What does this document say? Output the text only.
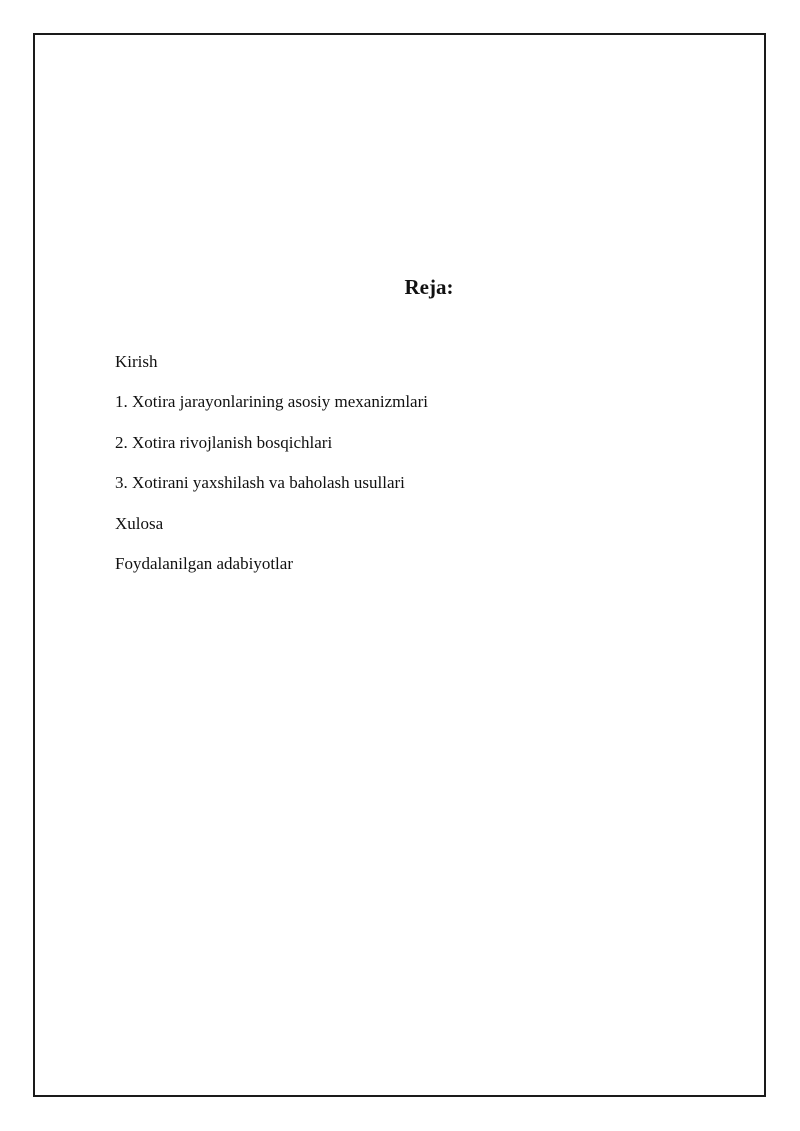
Reja:
Kirish
1. Xotira jarayonlarining asosiy mexanizmlari
2. Xotira rivojlanish bosqichlari
3. Xotirani yaxshilash va baholash usullari
Xulosa
Foydalanilgan adabiyotlar
